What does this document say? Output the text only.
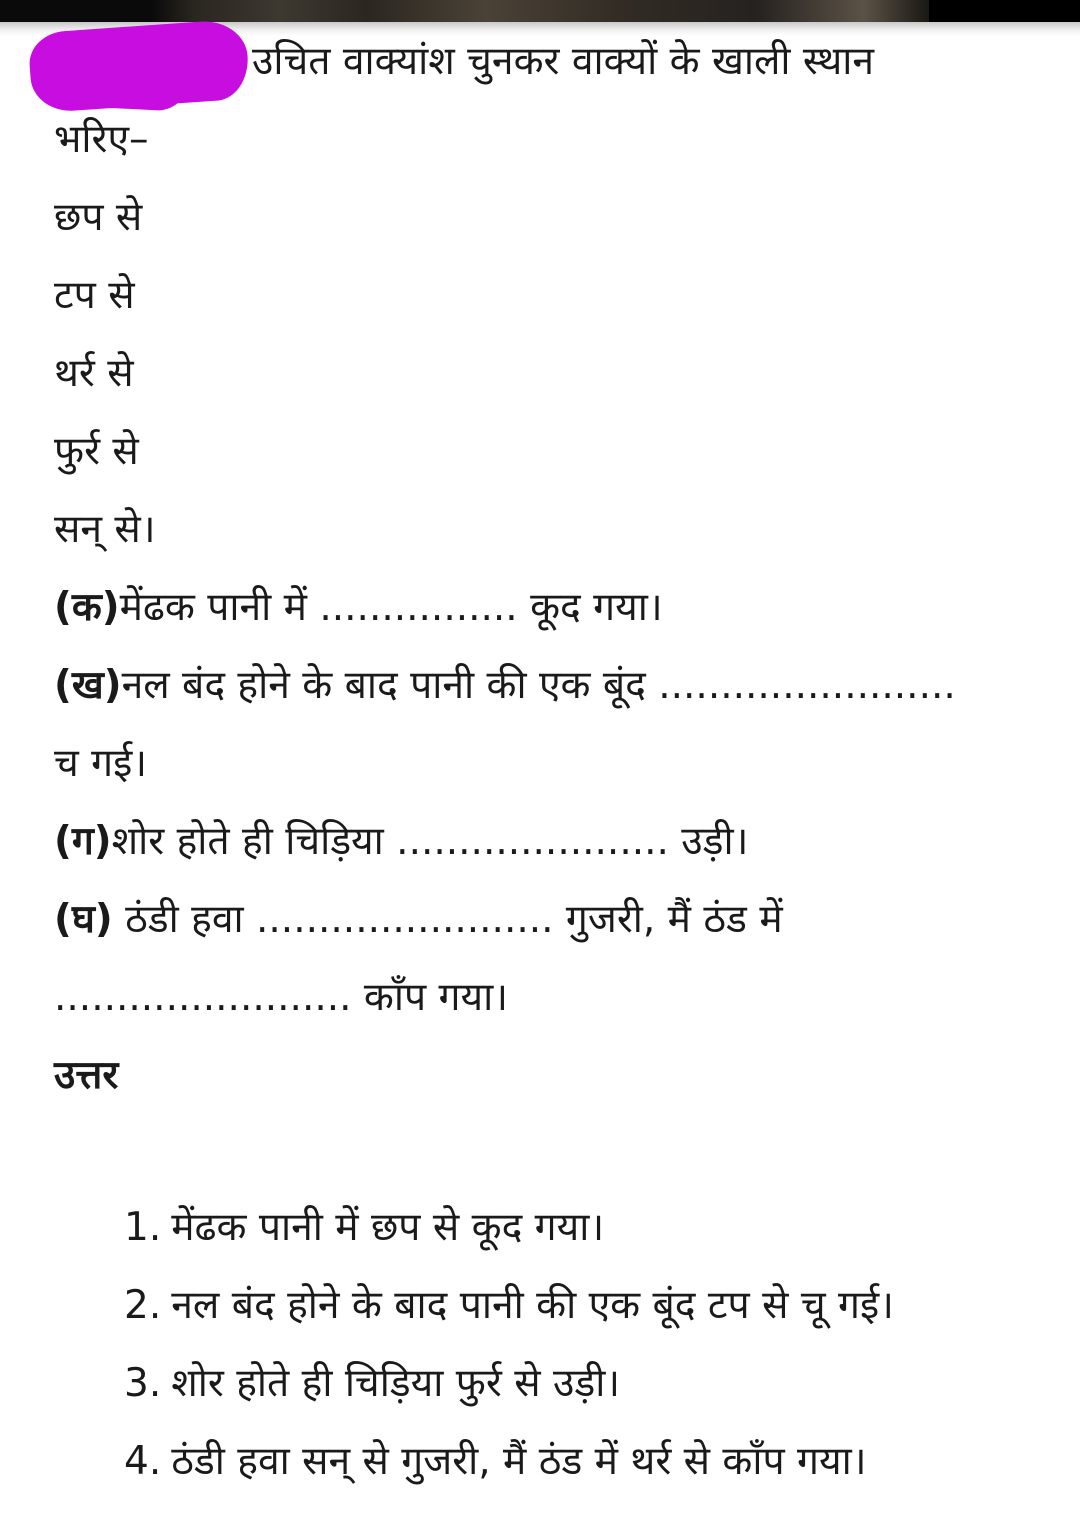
उचित वाक्यांश चुनकर वाक्यों के खाली स्थान
भरिए–
छप से
टप से
थर्र से
फुर्र से
सन् से।
(क)मेंढक पानी में ................ कूद गया।
(ख)नल बंद होने के बाद पानी की एक बूंद ........................
च गई।
(ग)शोर होते ही चिड़िया ...................... उड़ी।
(घ) ठंडी हवा ........................ गुजरी, मैं ठंड में
........................ काँप गया।
उत्तर
1. मेंढक पानी में छप से कूद गया।
2. नल बंद होने के बाद पानी की एक बूंद टप से चू गई।
3. शोर होते ही चिड़िया फुर्र से उड़ी।
4. ठंडी हवा सन् से गुजरी, मैं ठंड में थर्र से काँप गया।
